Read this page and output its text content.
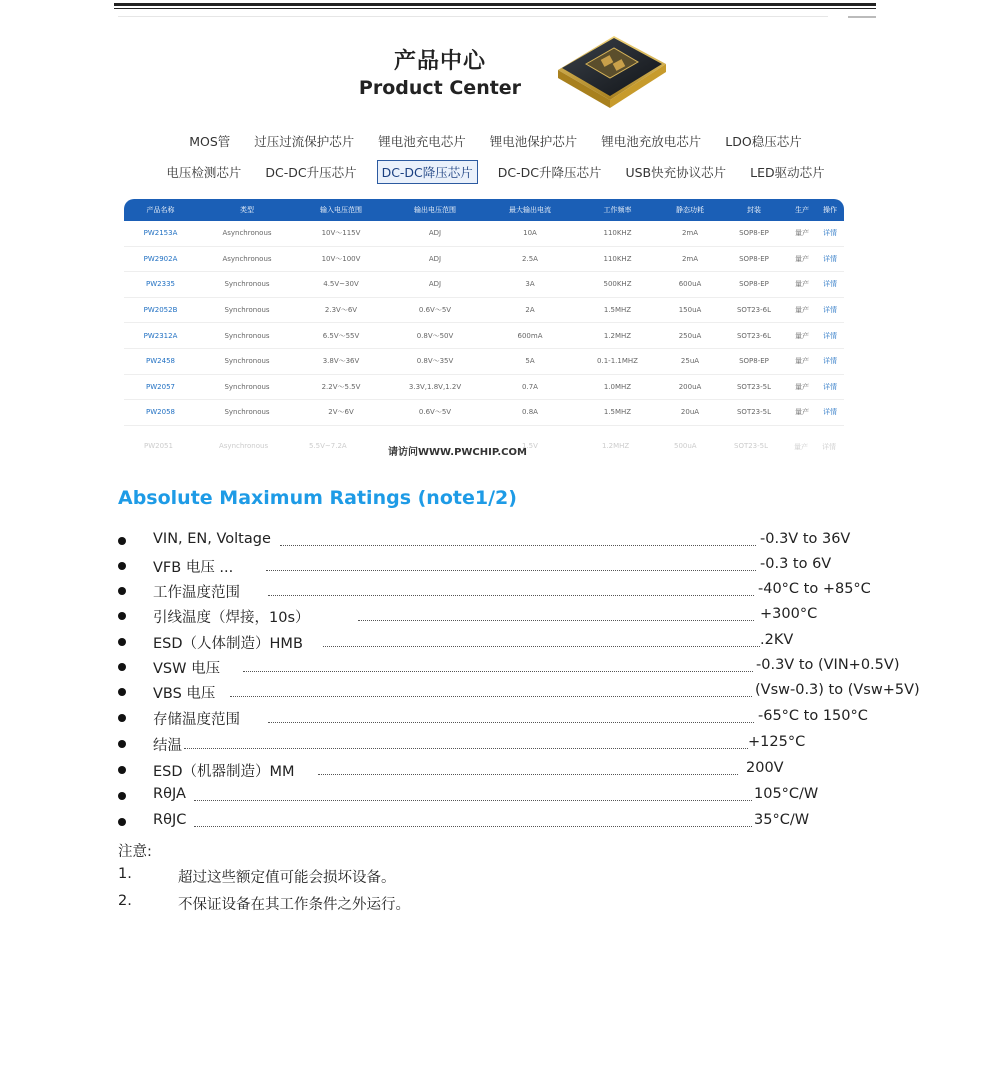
产品中心
Product Center
MOS管 过压过流保护芯片 锂电池充电芯片 锂电池保护芯片 锂电池充放电芯片 LDO稳压芯片
电压检测芯片 DC-DC升压芯片 DC-DC降压芯片 DC-DC升降压芯片 USB快充协议芯片 LED驱动芯片
产品名称	类型	输入电压范围	输出电压范围	最大输出电流	工作频率	静态功耗	封装	生产	操作
PW2153A	Asynchronous	10V～115V	ADJ	10A	110KHZ	2mA	SOP8-EP	量产	详情
PW2902A	Asynchronous	10V～100V	ADJ	2.5A	110KHZ	2mA	SOP8-EP	量产	详情
PW2335	Synchronous	4.5V~30V	ADJ	3A	500KHZ	600uA	SOP8-EP	量产	详情
PW2052B	Synchronous	2.3V～6V	0.6V～5V	2A	1.5MHZ	150uA	SOT23-6L	量产	详情
PW2312A	Synchronous	6.5V～55V	0.8V～50V	600mA	1.2MHZ	250uA	SOT23-6L	量产	详情
PW2458	Synchronous	3.8V～36V	0.8V～35V	5A	0.1-1.1MHZ	25uA	SOP8-EP	量产	详情
PW2057	Synchronous	2.2V～5.5V	3.3V,1.8V,1.2V	0.7A	1.0MHZ	200uA	SOT23-5L	量产	详情
PW2058	Synchronous	2V～6V	0.6V～5V	0.8A	1.5MHZ	20uA	SOT23-5L	量产	详情
PW2051	Asynchronous	5.5V~7.2A	1.5V	1.2MHZ	500uA	SOT23-5L	量产 详情
请访问WWW.PWCHIP.COM
Absolute Maximum Ratings (note1/2)
VIN, EN, Voltage	-0.3V to 36V
VFB 电压 ...	-0.3 to 6V
工作温度范围	-40°C to +85°C
引线温度（焊接，10s）	+300°C
ESD（人体制造）HMB	.2KV
VSW 电压	-0.3V to (VIN+0.5V)
VBS 电压	(Vsw-0.3) to (Vsw+5V)
存储温度范围	-65°C to 150°C
结温	+125°C
ESD（机器制造）MM	200V
RθJA	105°C/W
RθJC	35°C/W
注意:
1.	超过这些额定值可能会损坏设备。
2.	不保证设备在其工作条件之外运行。
